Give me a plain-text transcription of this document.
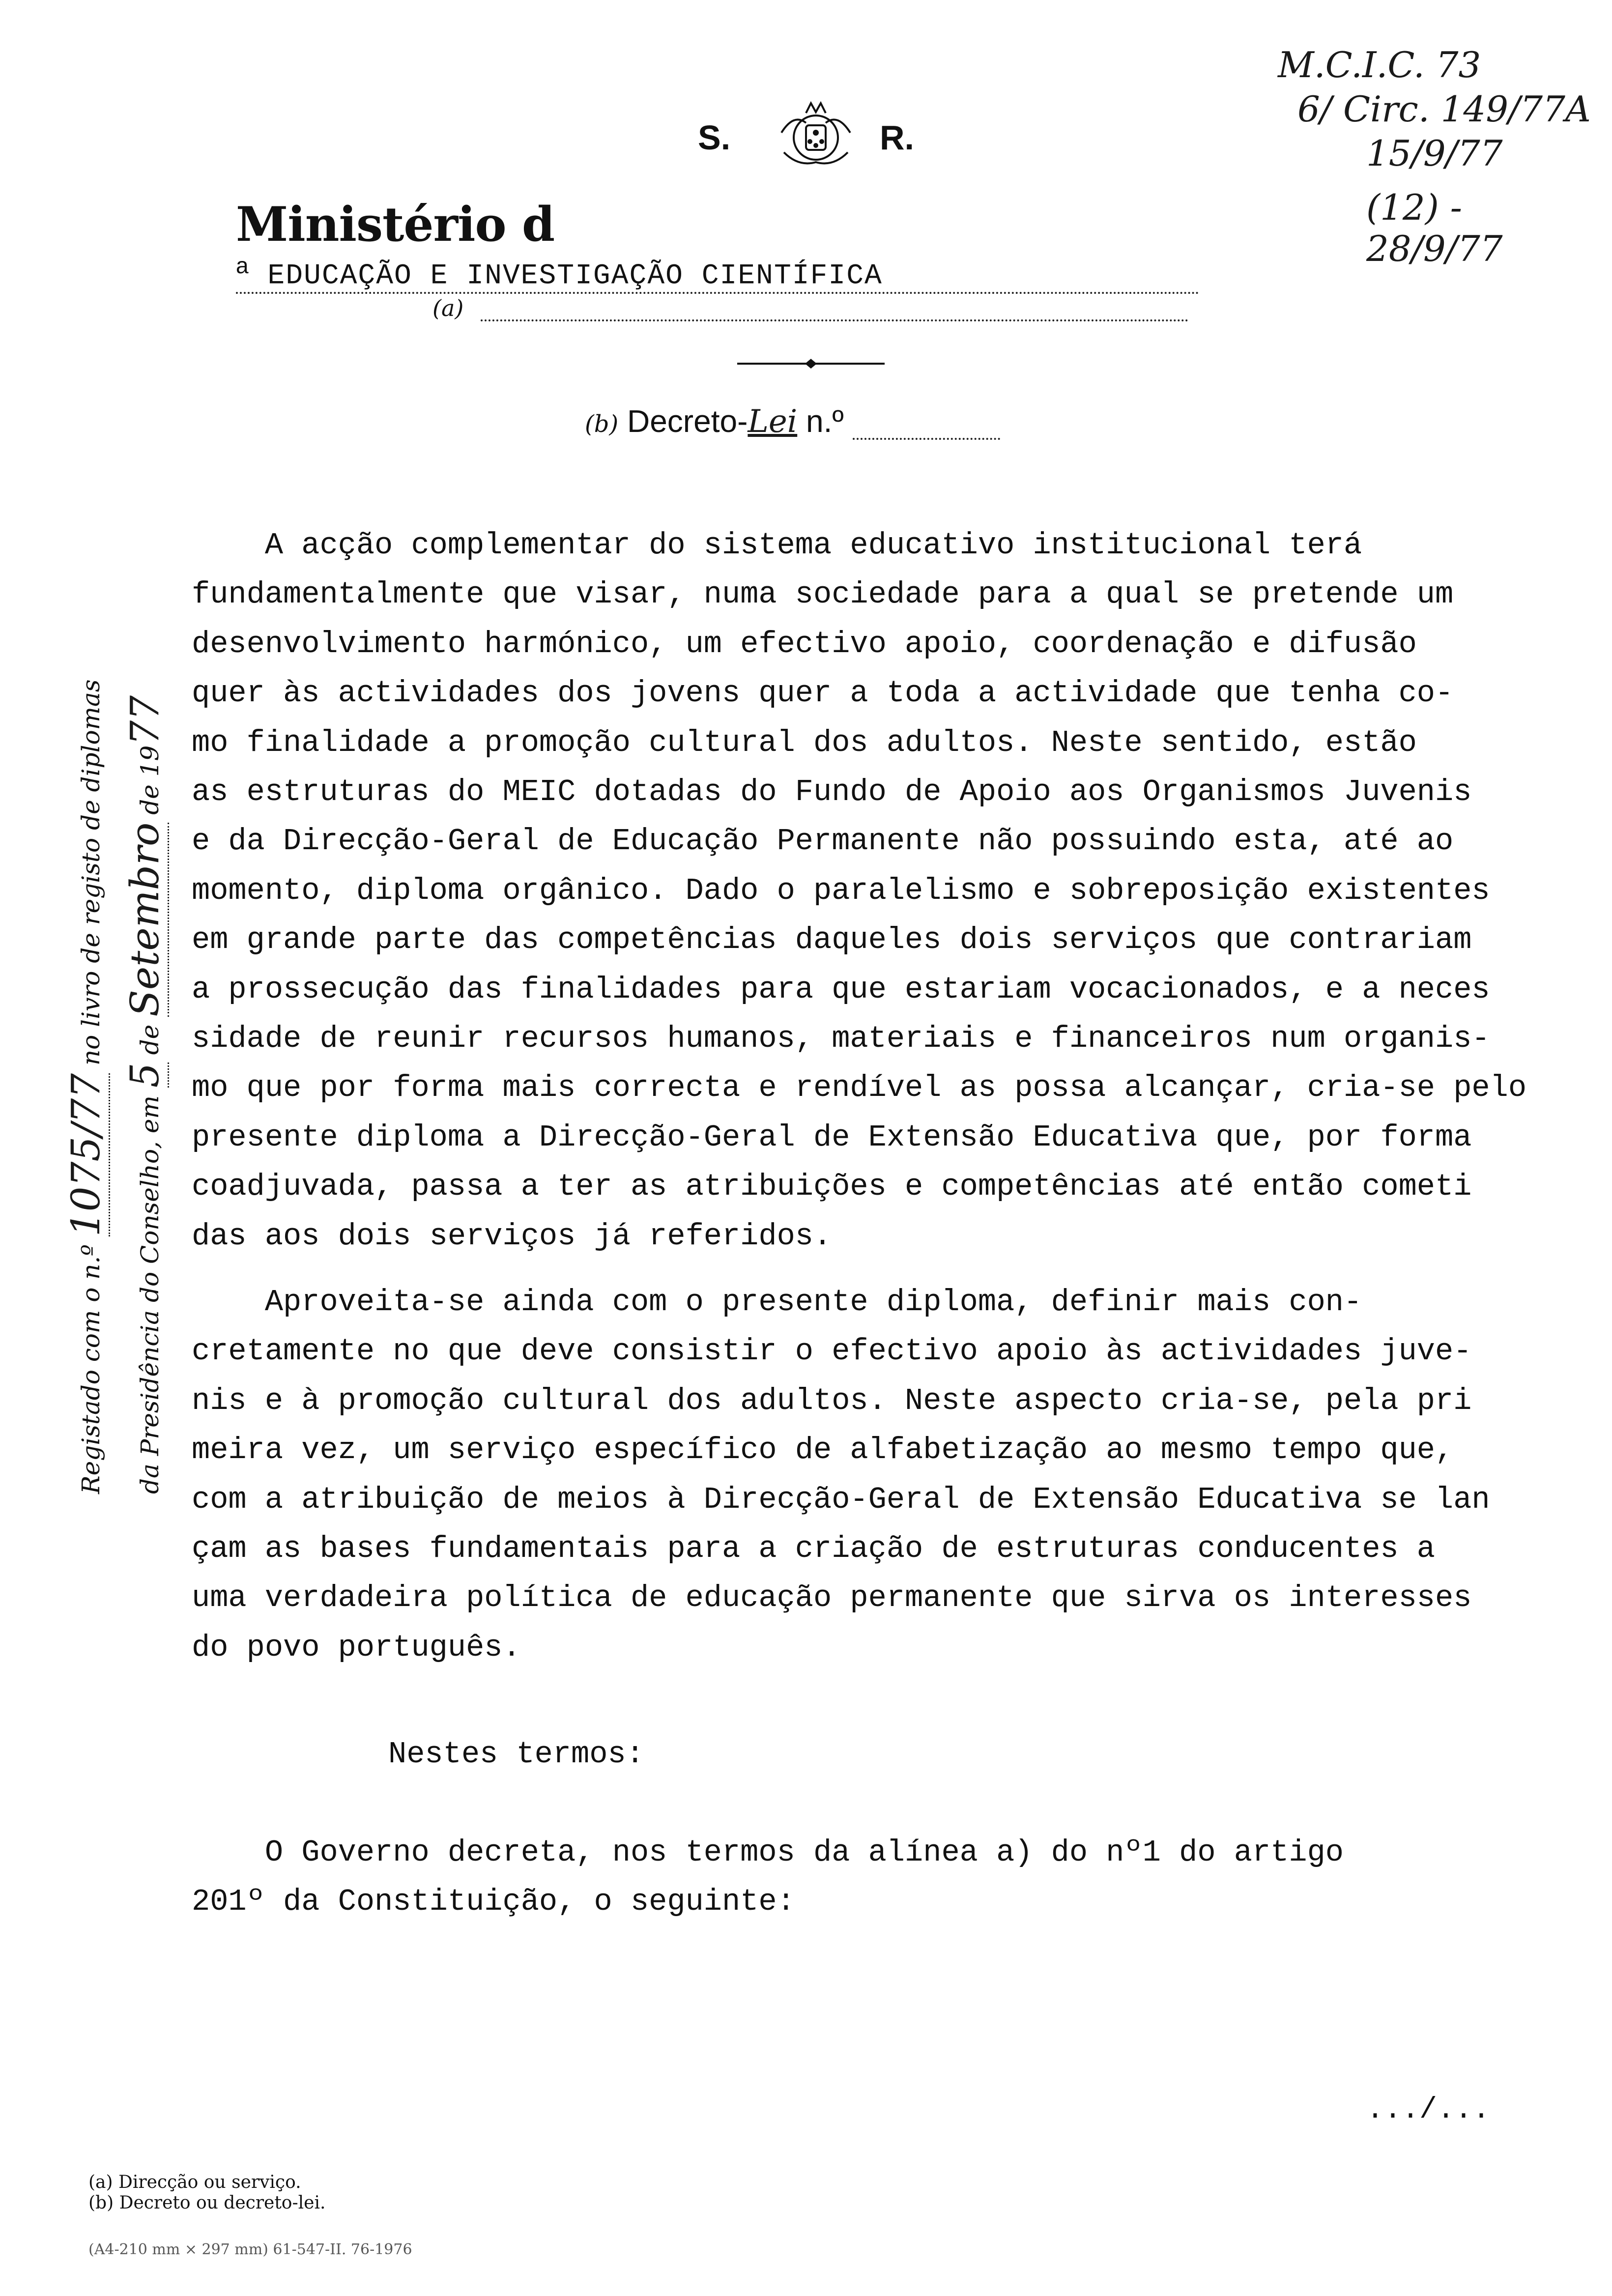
M.C.I.C. 73
6/ Circ. 149/77A
15/9/77
(12) - 28/9/77
S.	R.
Ministério $d^a$ EDUCAÇÃO E INVESTIGAÇÃO CIENTÍFICA
(a)
(b) Decreto-Lei n.º
Registado com o n.º 1075/77 no livro de registo de diplomas
da Presidência do Conselho, em 5 de Setembro de 1977
A acção complementar do sistema educativo institucional terá
fundamentalmente que visar, numa sociedade para a qual se pretende um
desenvolvimento harmónico, um efectivo apoio, coordenação e difusão
quer às actividades dos jovens quer a toda a actividade que tenha co-
mo finalidade a promoção cultural dos adultos. Neste sentido, estão
as estruturas do MEIC dotadas do Fundo de Apoio aos Organismos Juvenis
e da Direcção-Geral de Educação Permanente não possuindo esta, até ao
momento, diploma orgânico. Dado o paralelismo e sobreposição existentes
em grande parte das competências daqueles dois serviços que contrariam
a prossecução das finalidades para que estariam vocacionados, e a neces
sidade de reunir recursos humanos, materiais e financeiros num organis-
mo que por forma mais correcta e rendível as possa alcançar, cria-se pelo
presente diploma a Direcção-Geral de Extensão Educativa que, por forma
coadjuvada, passa a ter as atribuições e competências até então cometi
das aos dois serviços já referidos.
Aproveita-se ainda com o presente diploma, definir mais con-
cretamente no que deve consistir o efectivo apoio às actividades juve-
nis e à promoção cultural dos adultos. Neste aspecto cria-se, pela pri
meira vez, um serviço específico de alfabetização ao mesmo tempo que,
com a atribuição de meios à Direcção-Geral de Extensão Educativa se lan
çam as bases fundamentais para a criação de estruturas conducentes a
uma verdadeira política de educação permanente que sirva os interesses
do povo português.
Nestes termos:
O Governo decreta, nos termos da alínea a) do nº1 do artigo
201º da Constituição, o seguinte:
.../...
(a) Direcção ou serviço.
(b) Decreto ou decreto-lei.
(A4-210 mm × 297 mm) 61-547-II. 76-1976
